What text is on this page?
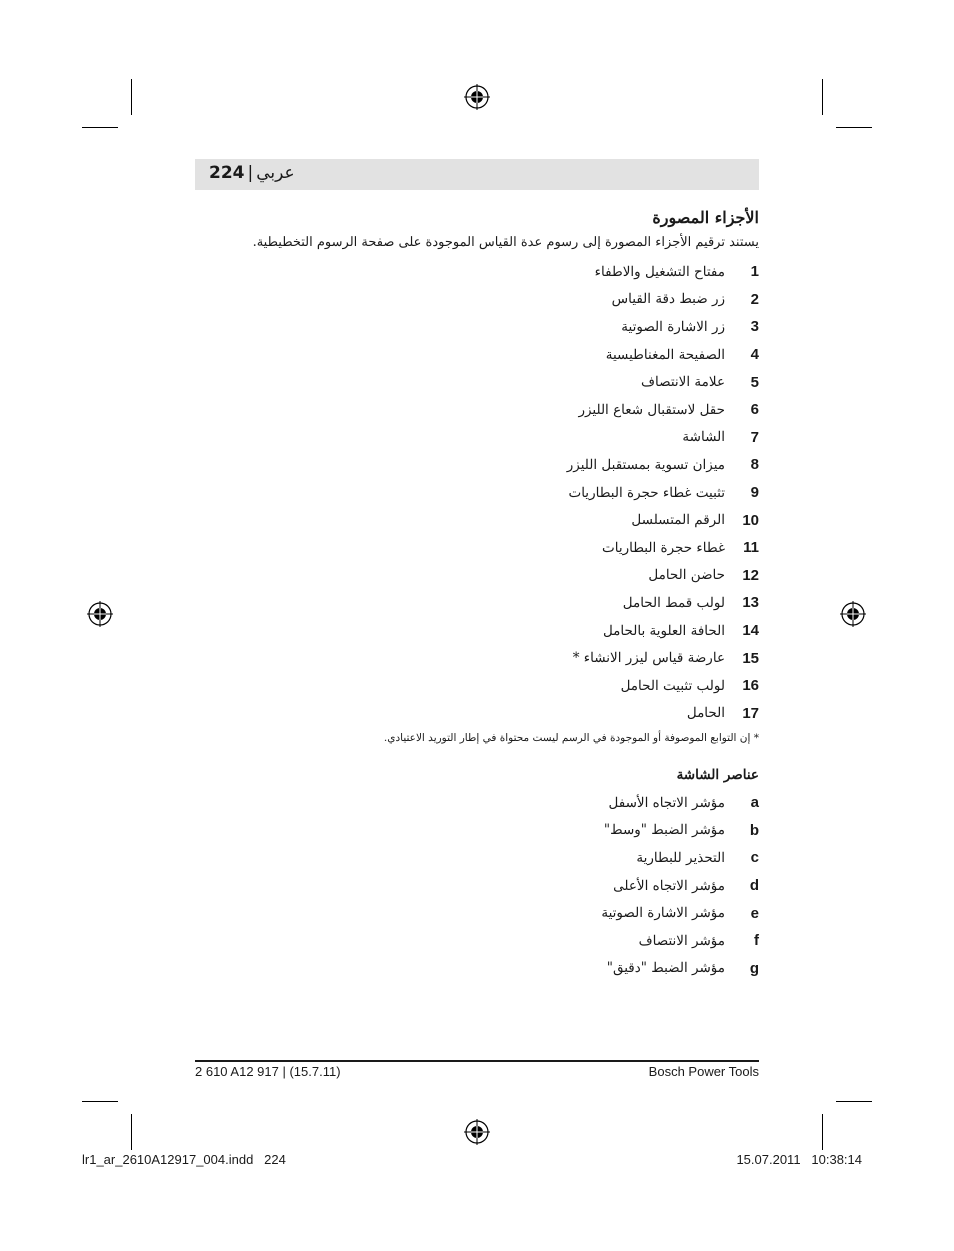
224 | عربي
الأجزاء المصورة
يستند ترقيم الأجزاء المصورة إلى رسوم عدة القياس الموجودة على صفحة الرسوم التخطيطية.
1
مفتاح التشغيل والاطفاء
2
زر ضبط دقة القياس
3
زر الاشارة الصوتية
4
الصفيحة المغناطيسية
5
علامة الانتصاف
6
حقل لاستقبال شعاع الليزر
7
الشاشة
8
ميزان تسوية بمستقبل الليزر
9
تثبيت غطاء حجرة البطاريات
10
الرقم المتسلسل
11
غطاء حجرة البطاريات
12
حاضن الحامل
13
لولب قمط الحامل
14
الحافة العلوية بالحامل
15
عارضة قياس ليزر الانشاء *
16
لولب تثبيت الحامل
17
الحامل
* إن التوابع الموصوفة أو الموجودة في الرسم ليست محتواة في إطار التوريد الاعتيادي.
عناصر الشاشة
a
مؤشر الاتجاه الأسفل
b
مؤشر الضبط "وسط"
c
التحذير للبطارية
d
مؤشر الاتجاه الأعلى
e
مؤشر الاشارة الصوتية
f
مؤشر الانتصاف
g
مؤشر الضبط "دقيق"
2 610 A12 917 | (15.7.11)	Bosch Power Tools
lr1_ar_2610A12917_004.indd   224	15.07.2011   10:38:14
